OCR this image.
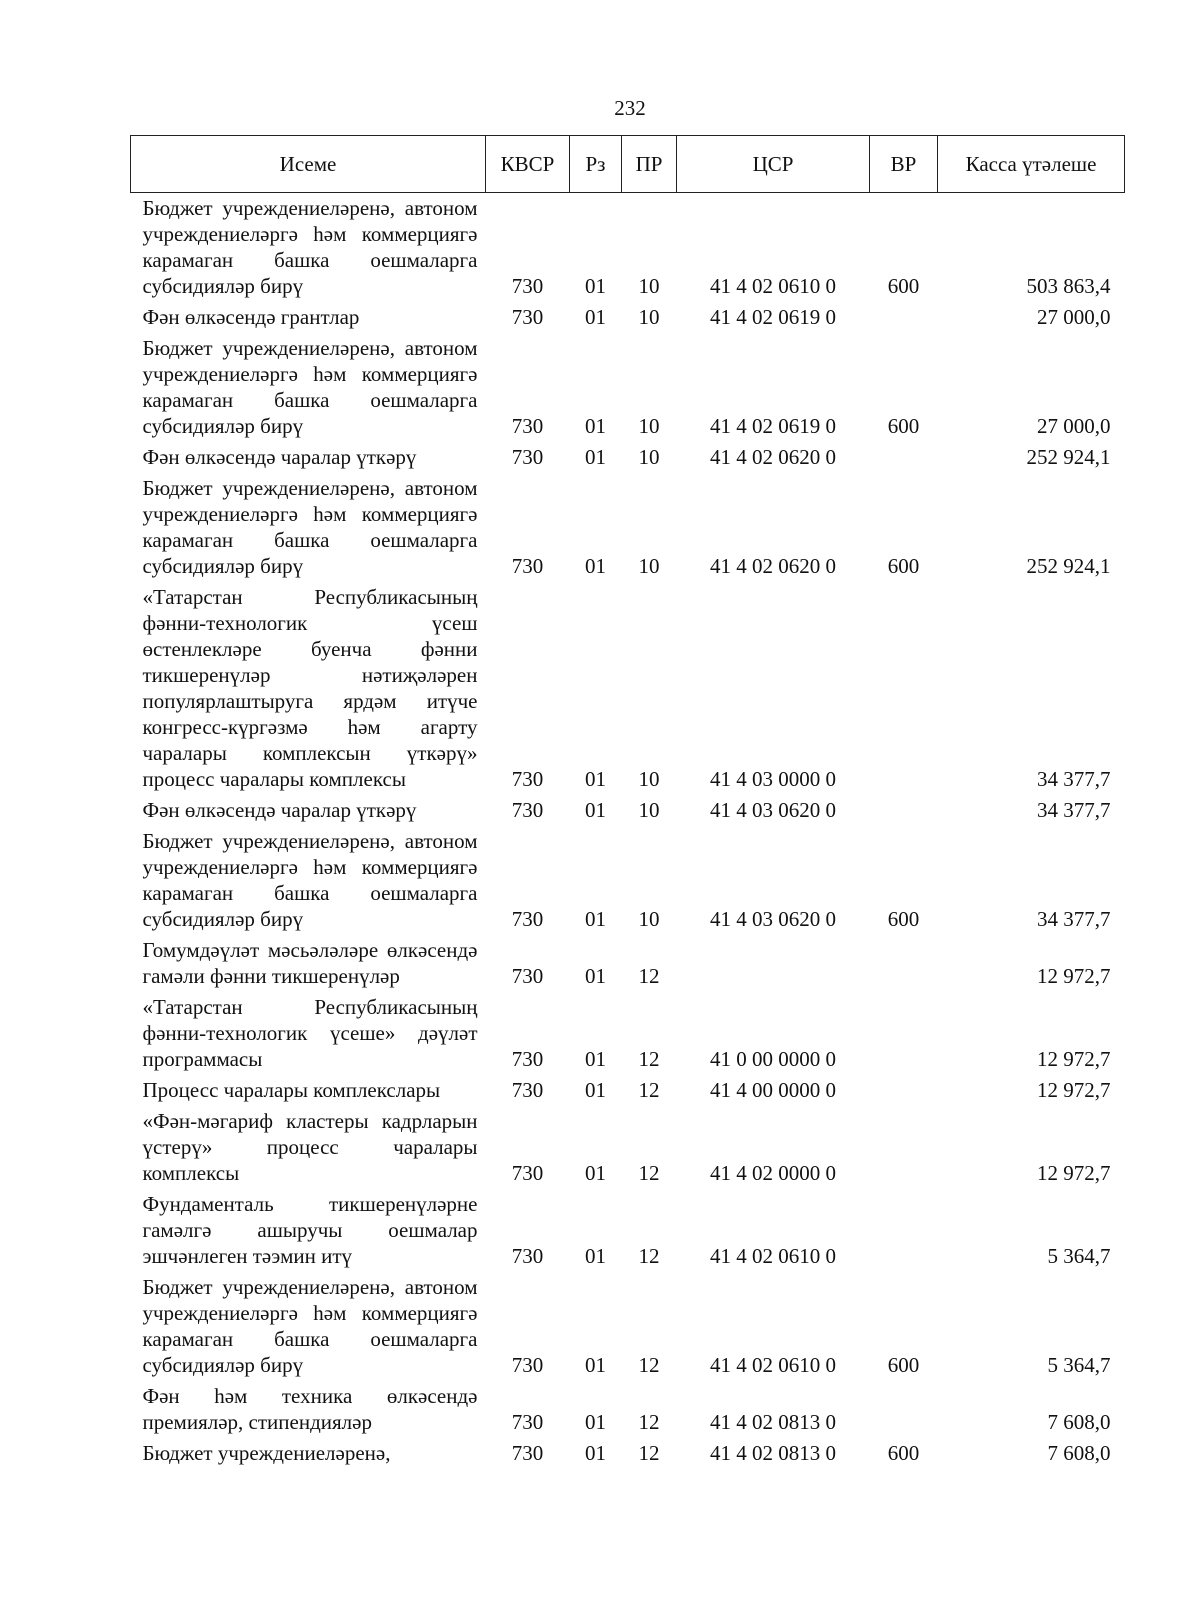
232
Исеме	КВСР	Рз	ПР	ЦСР	ВР	Касса үтәлеше
Бюджет учреждениеләренә, автоном учреждениеләргә һәм коммерциягә карамаган башка оешмаларга субсидияләр бирү	730	01	10	41 4 02 0610 0	600	503 863,4
Фән өлкәсендә грантлар	730	01	10	41 4 02 0619 0		27 000,0
Бюджет учреждениеләренә, автоном учреждениеләргә һәм коммерциягә карамаган башка оешмаларга субсидияләр бирү	730	01	10	41 4 02 0619 0	600	27 000,0
Фән өлкәсендә чаралар үткәрү	730	01	10	41 4 02 0620 0		252 924,1
Бюджет учреждениеләренә, автоном учреждениеләргә һәм коммерциягә карамаган башка оешмаларга субсидияләр бирү	730	01	10	41 4 02 0620 0	600	252 924,1
«Татарстан Республикасының фәнни-технологик үсеш өстенлекләре буенча фәнни тикшеренүләр нәтиҗәләрен популярлаштыруга ярдәм итүче конгресс-күргәзмә һәм агарту чаралары комплексын үткәрү» процесс чаралары комплексы	730	01	10	41 4 03 0000 0		34 377,7
Фән өлкәсендә чаралар үткәрү	730	01	10	41 4 03 0620 0		34 377,7
Бюджет учреждениеләренә, автоном учреждениеләргә һәм коммерциягә карамаган башка оешмаларга субсидияләр бирү	730	01	10	41 4 03 0620 0	600	34 377,7
Гомумдәүләт мәсьәләләре өлкәсендә гамәли фәнни тикшеренүләр	730	01	12			12 972,7
«Татарстан Республикасының фәнни-технологик үсеше» дәүләт программасы	730	01	12	41 0 00 0000 0		12 972,7
Процесс чаралары комплекслары	730	01	12	41 4 00 0000 0		12 972,7
«Фән-мәгариф кластеры кадрларын үстерү» процесс чаралары комплексы	730	01	12	41 4 02 0000 0		12 972,7
Фундаменталь тикшеренүләрне гамәлгә ашыручы оешмалар эшчәнлеген тәэмин итү	730	01	12	41 4 02 0610 0		5 364,7
Бюджет учреждениеләренә, автоном учреждениеләргә һәм коммерциягә карамаган башка оешмаларга субсидияләр бирү	730	01	12	41 4 02 0610 0	600	5 364,7
Фән һәм техника өлкәсендә премияләр, стипендияләр	730	01	12	41 4 02 0813 0		7 608,0
Бюджет учреждениеләренә,	730	01	12	41 4 02 0813 0	600	7 608,0
